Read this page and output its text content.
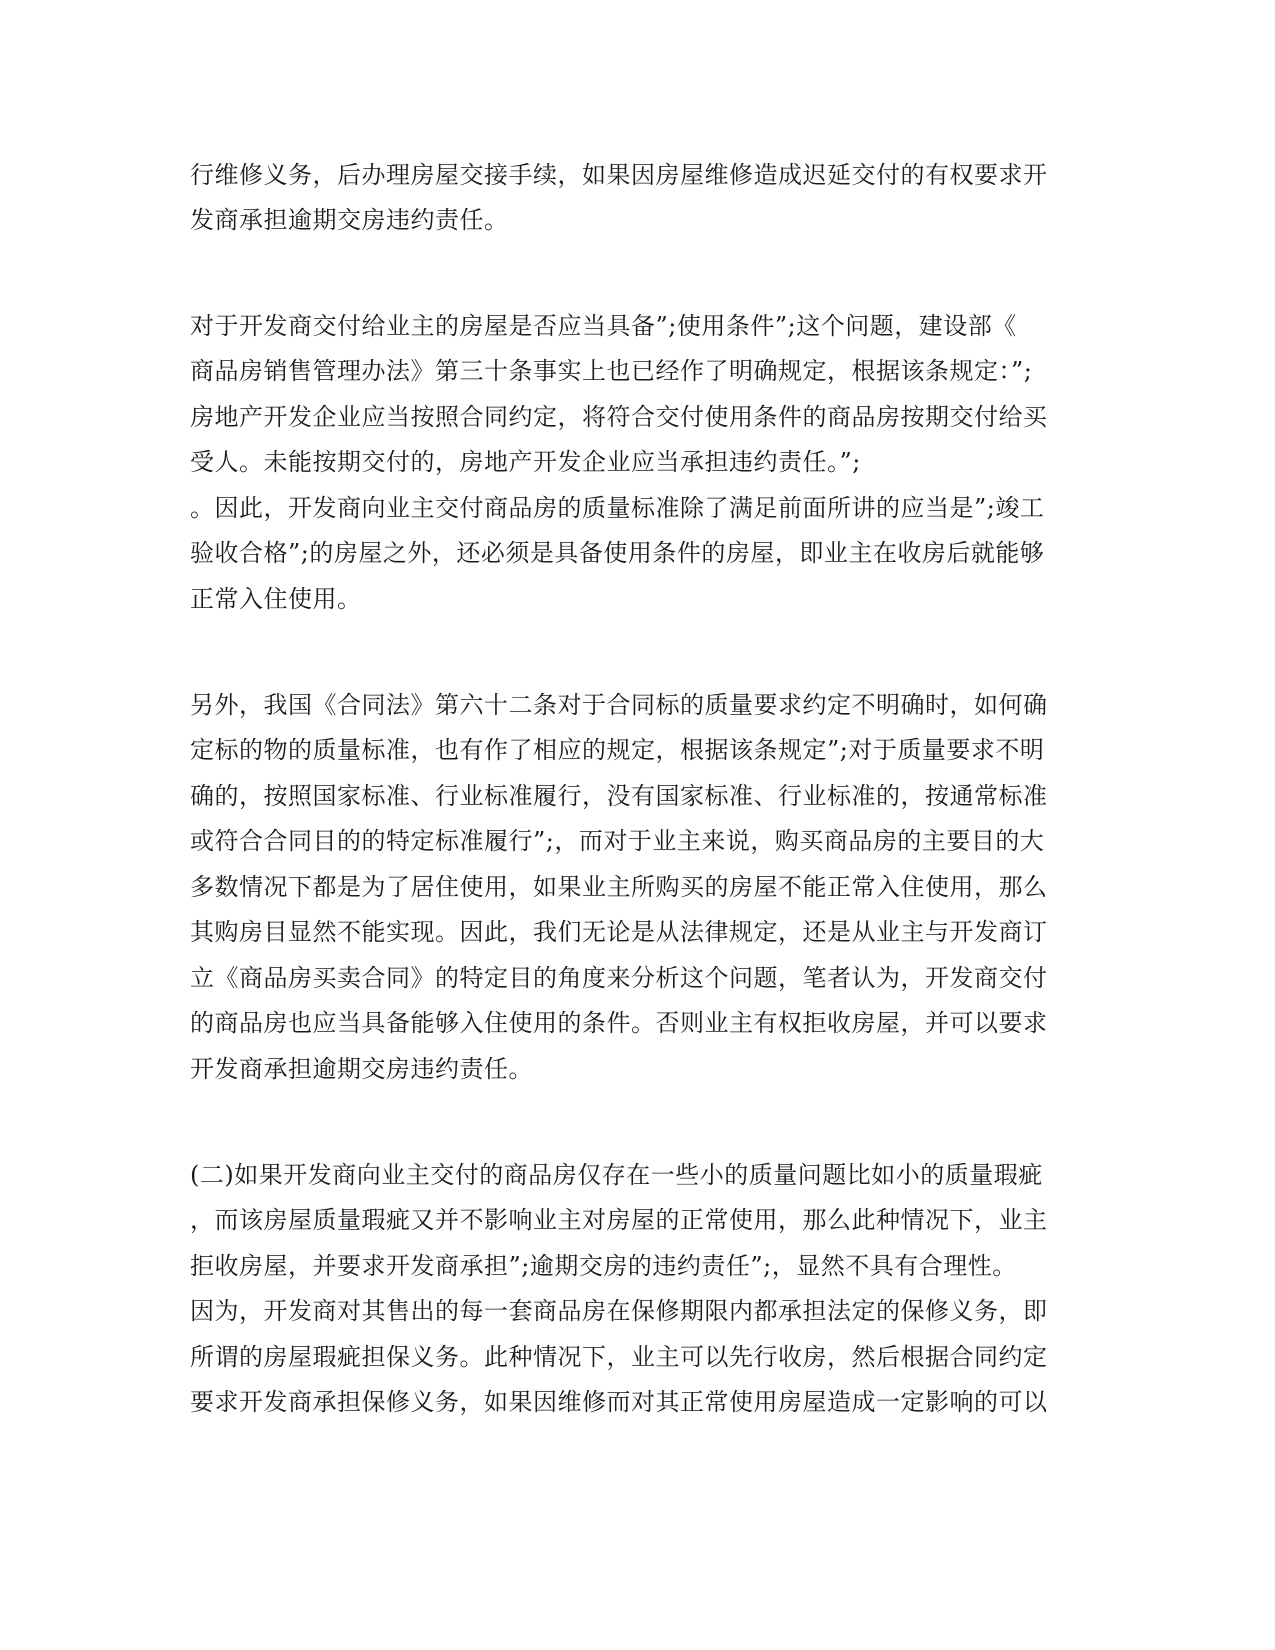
行维修义务，后办理房屋交接手续，如果因房屋维修造成迟延交付的有权要求开
发商承担逾期交房违约责任。
对于开发商交付给业主的房屋是否应当具备”;使用条件”;这个问题，建设部《
商品房销售管理办法》第三十条事实上也已经作了明确规定，根据该条规定：”;
房地产开发企业应当按照合同约定，将符合交付使用条件的商品房按期交付给买
受人。未能按期交付的，房地产开发企业应当承担违约责任。”;
。因此，开发商向业主交付商品房的质量标准除了满足前面所讲的应当是”;竣工
验收合格”;的房屋之外，还必须是具备使用条件的房屋，即业主在收房后就能够
正常入住使用。
另外，我国《合同法》第六十二条对于合同标的质量要求约定不明确时，如何确
定标的物的质量标准，也有作了相应的规定，根据该条规定”;对于质量要求不明
确的，按照国家标准、行业标准履行，没有国家标准、行业标准的，按通常标准
或符合合同目的的特定标准履行”;，而对于业主来说，购买商品房的主要目的大
多数情况下都是为了居住使用，如果业主所购买的房屋不能正常入住使用，那么
其购房目显然不能实现。因此，我们无论是从法律规定，还是从业主与开发商订
立《商品房买卖合同》的特定目的角度来分析这个问题，笔者认为，开发商交付
的商品房也应当具备能够入住使用的条件。否则业主有权拒收房屋，并可以要求
开发商承担逾期交房违约责任。
(二)如果开发商向业主交付的商品房仅存在一些小的质量问题比如小的质量瑕疵
，而该房屋质量瑕疵又并不影响业主对房屋的正常使用，那么此种情况下，业主
拒收房屋，并要求开发商承担”;逾期交房的违约责任”;，显然不具有合理性。
因为，开发商对其售出的每一套商品房在保修期限内都承担法定的保修义务，即
所谓的房屋瑕疵担保义务。此种情况下，业主可以先行收房，然后根据合同约定
要求开发商承担保修义务，如果因维修而对其正常使用房屋造成一定影响的可以
